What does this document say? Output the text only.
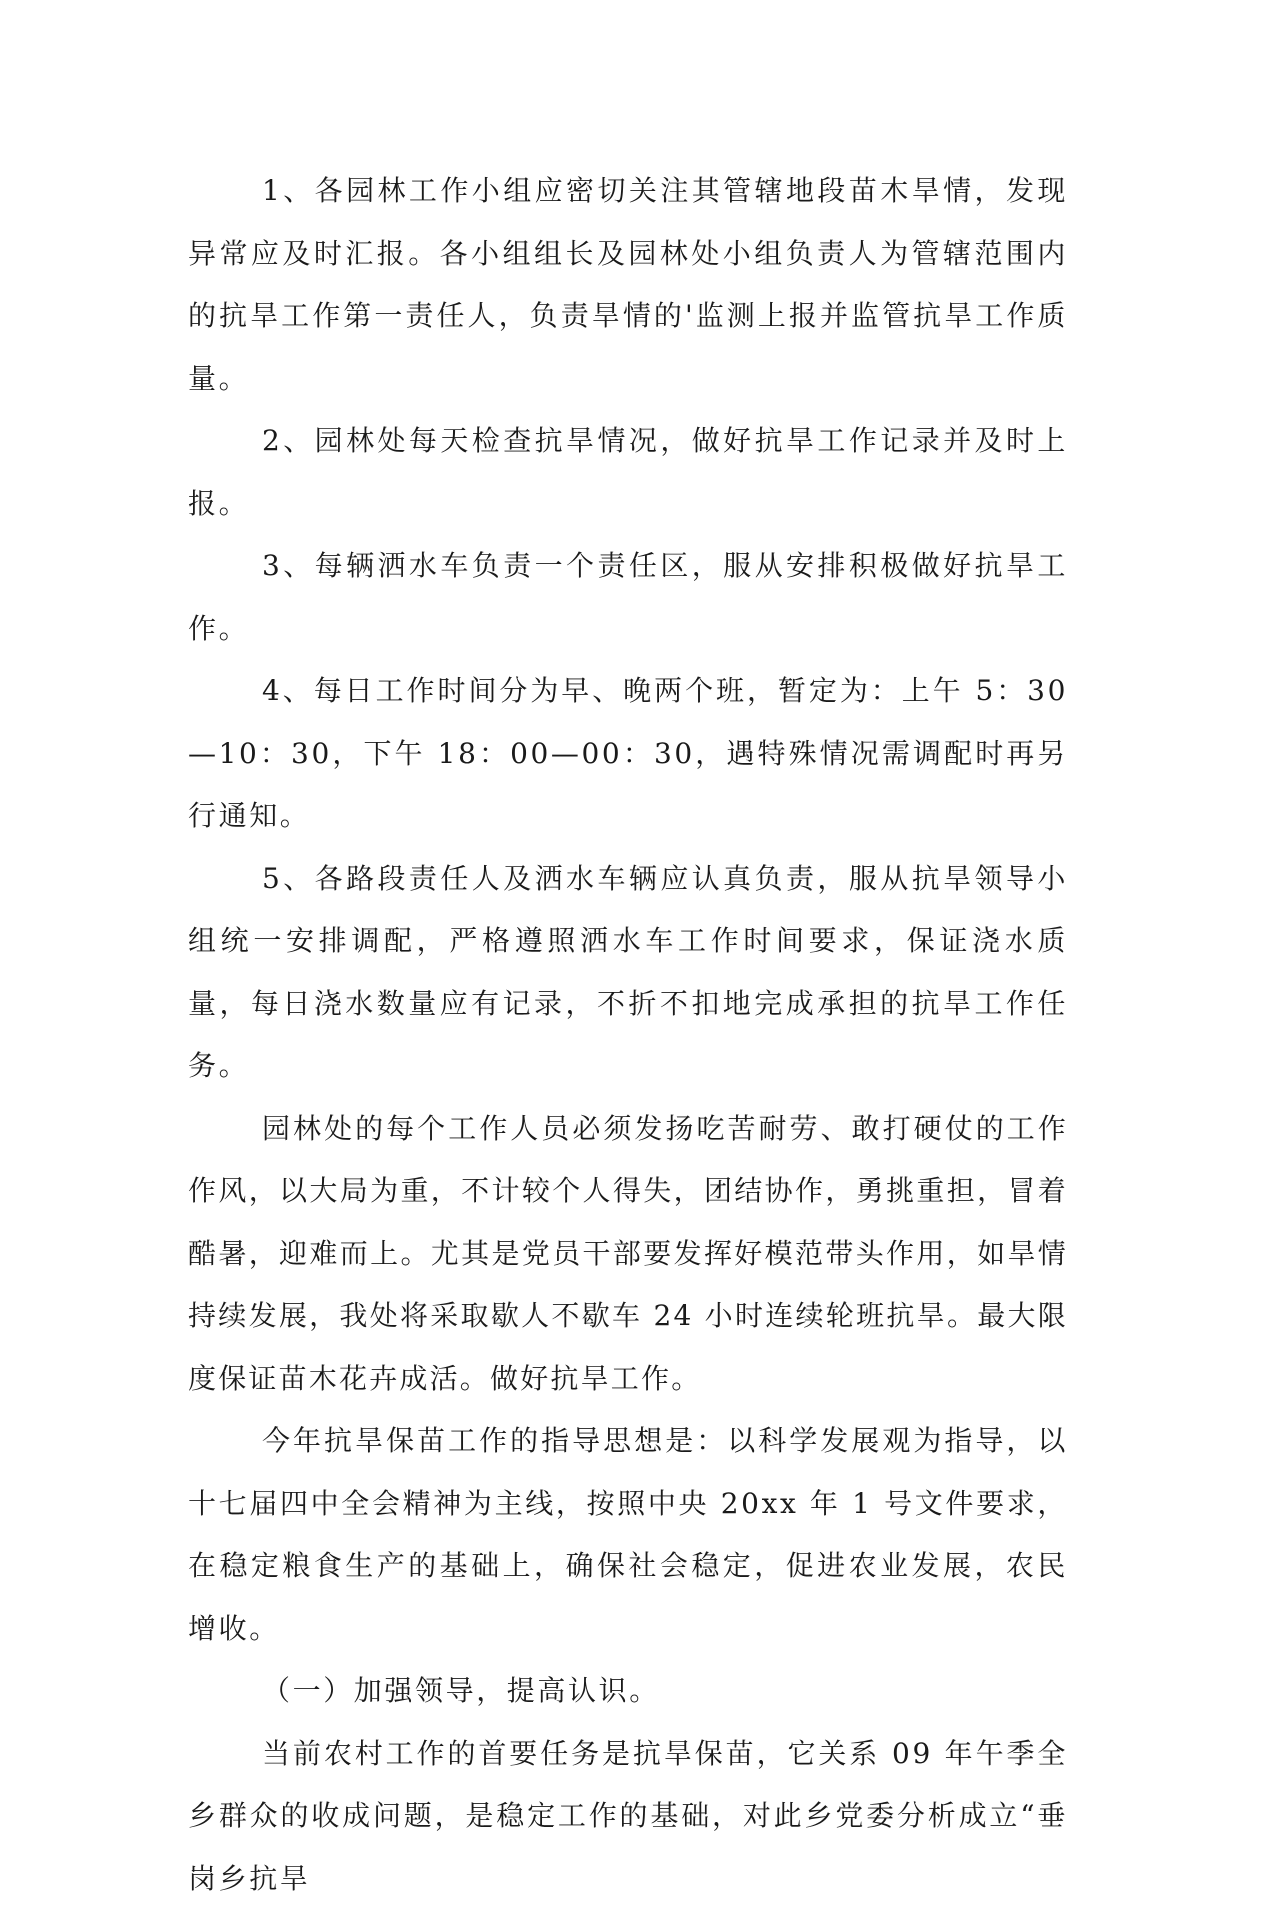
1、各园林工作小组应密切关注其管辖地段苗木旱情，发现异常应及时汇报。各小组组长及园林处小组负责人为管辖范围内的抗旱工作第一责任人，负责旱情的'监测上报并监管抗旱工作质量。

2、园林处每天检查抗旱情况，做好抗旱工作记录并及时上报。

3、每辆洒水车负责一个责任区，服从安排积极做好抗旱工作。

4、每日工作时间分为早、晚两个班，暂定为：上午 5：30—10：30，下午 18：00—00：30，遇特殊情况需调配时再另行通知。

5、各路段责任人及洒水车辆应认真负责，服从抗旱领导小组统一安排调配，严格遵照洒水车工作时间要求，保证浇水质量，每日浇水数量应有记录，不折不扣地完成承担的抗旱工作任务。

园林处的每个工作人员必须发扬吃苦耐劳、敢打硬仗的工作作风，以大局为重，不计较个人得失，团结协作，勇挑重担，冒着酷暑，迎难而上。尤其是党员干部要发挥好模范带头作用，如旱情持续发展，我处将采取歇人不歇车 24 小时连续轮班抗旱。最大限度保证苗木花卉成活。做好抗旱工作。

今年抗旱保苗工作的指导思想是：以科学发展观为指导，以十七届四中全会精神为主线，按照中央 20xx 年 1 号文件要求，在稳定粮食生产的基础上，确保社会稳定，促进农业发展，农民增收。

（一）加强领导，提高认识。

当前农村工作的首要任务是抗旱保苗，它关系 09 年午季全乡群众的收成问题，是稳定工作的基础，对此乡党委分析成立“垂岗乡抗旱
